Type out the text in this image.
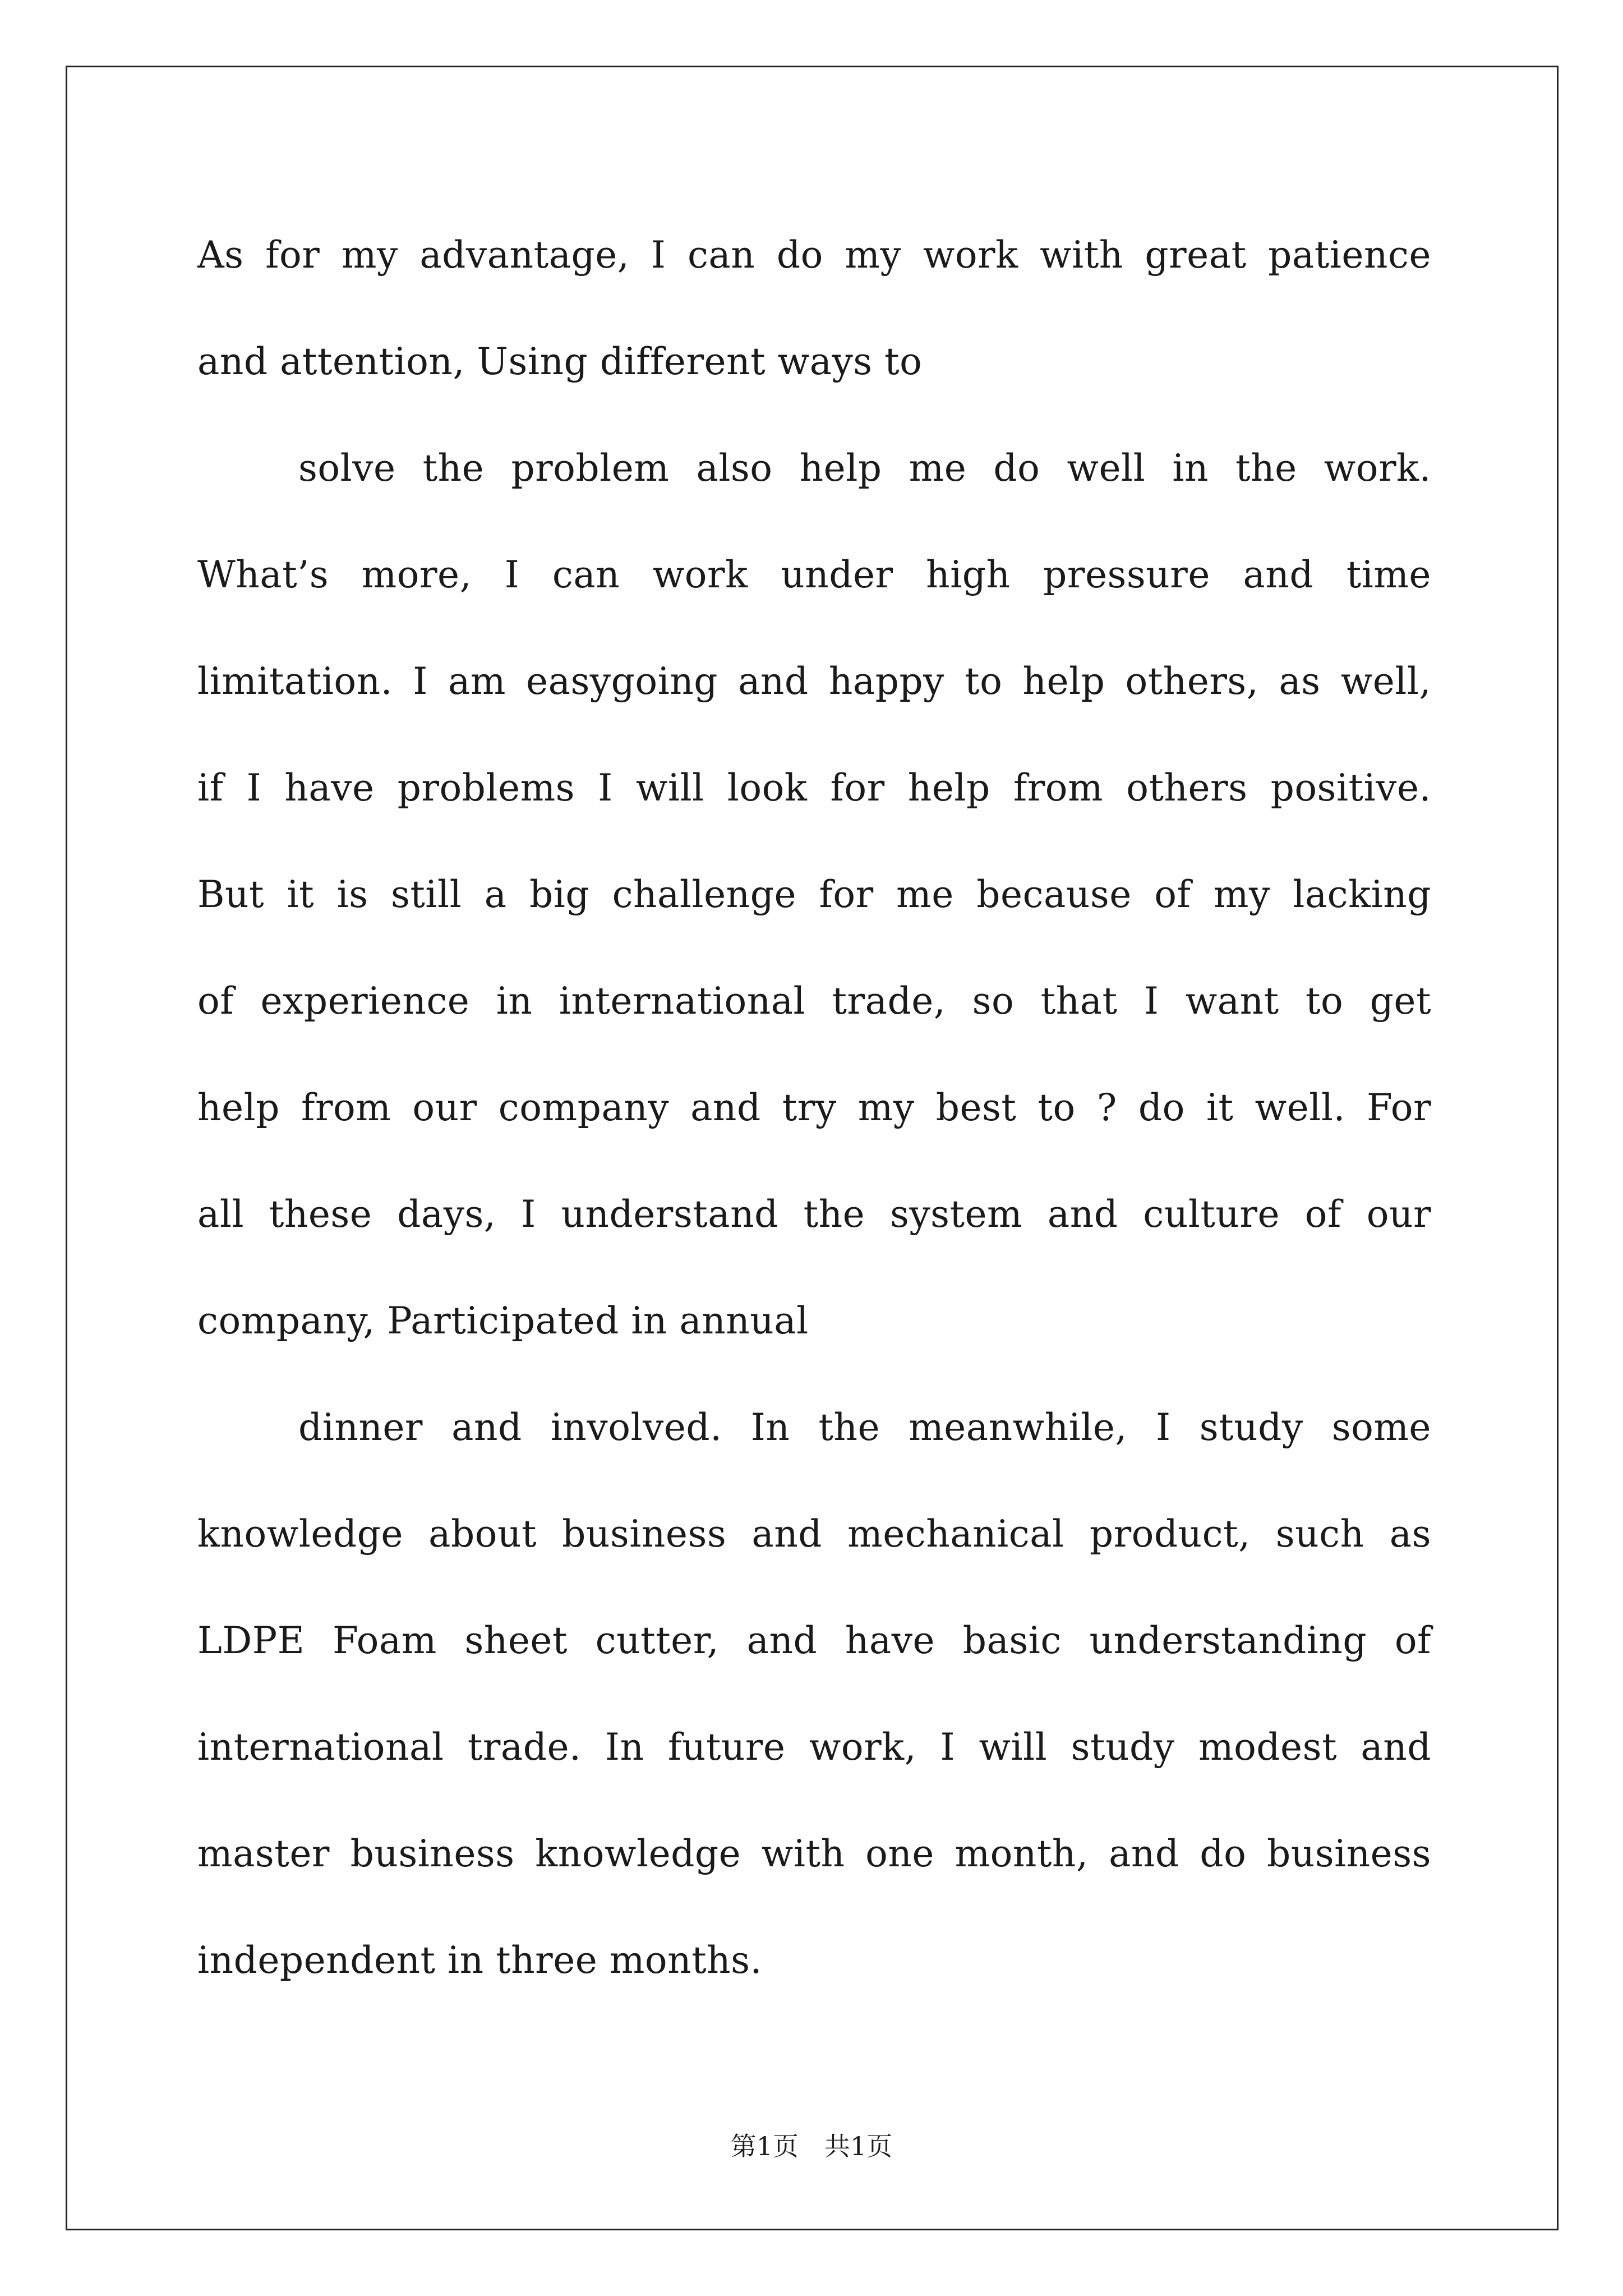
As for my advantage, I can do my work with great patience
and attention, Using different ways to
solve the problem also help me do well in the work.
What’s more, I can work under high pressure and time
limitation. I am easygoing and happy to help others, as well,
if I have problems I will look for help from others positive.
But it is still a big challenge for me because of my lacking
of experience in international trade, so that I want to get
help from our company and try my best to ? do it well. For
all these days, I understand the system and culture of our
company, Participated in annual
dinner and involved. In the meanwhile, I study some
knowledge about business and mechanical product, such as
LDPE Foam sheet cutter, and have basic understanding of
international trade. In future work, I will study modest and
master business knowledge with one month, and do business
independent in three months.
第1页　共1页
